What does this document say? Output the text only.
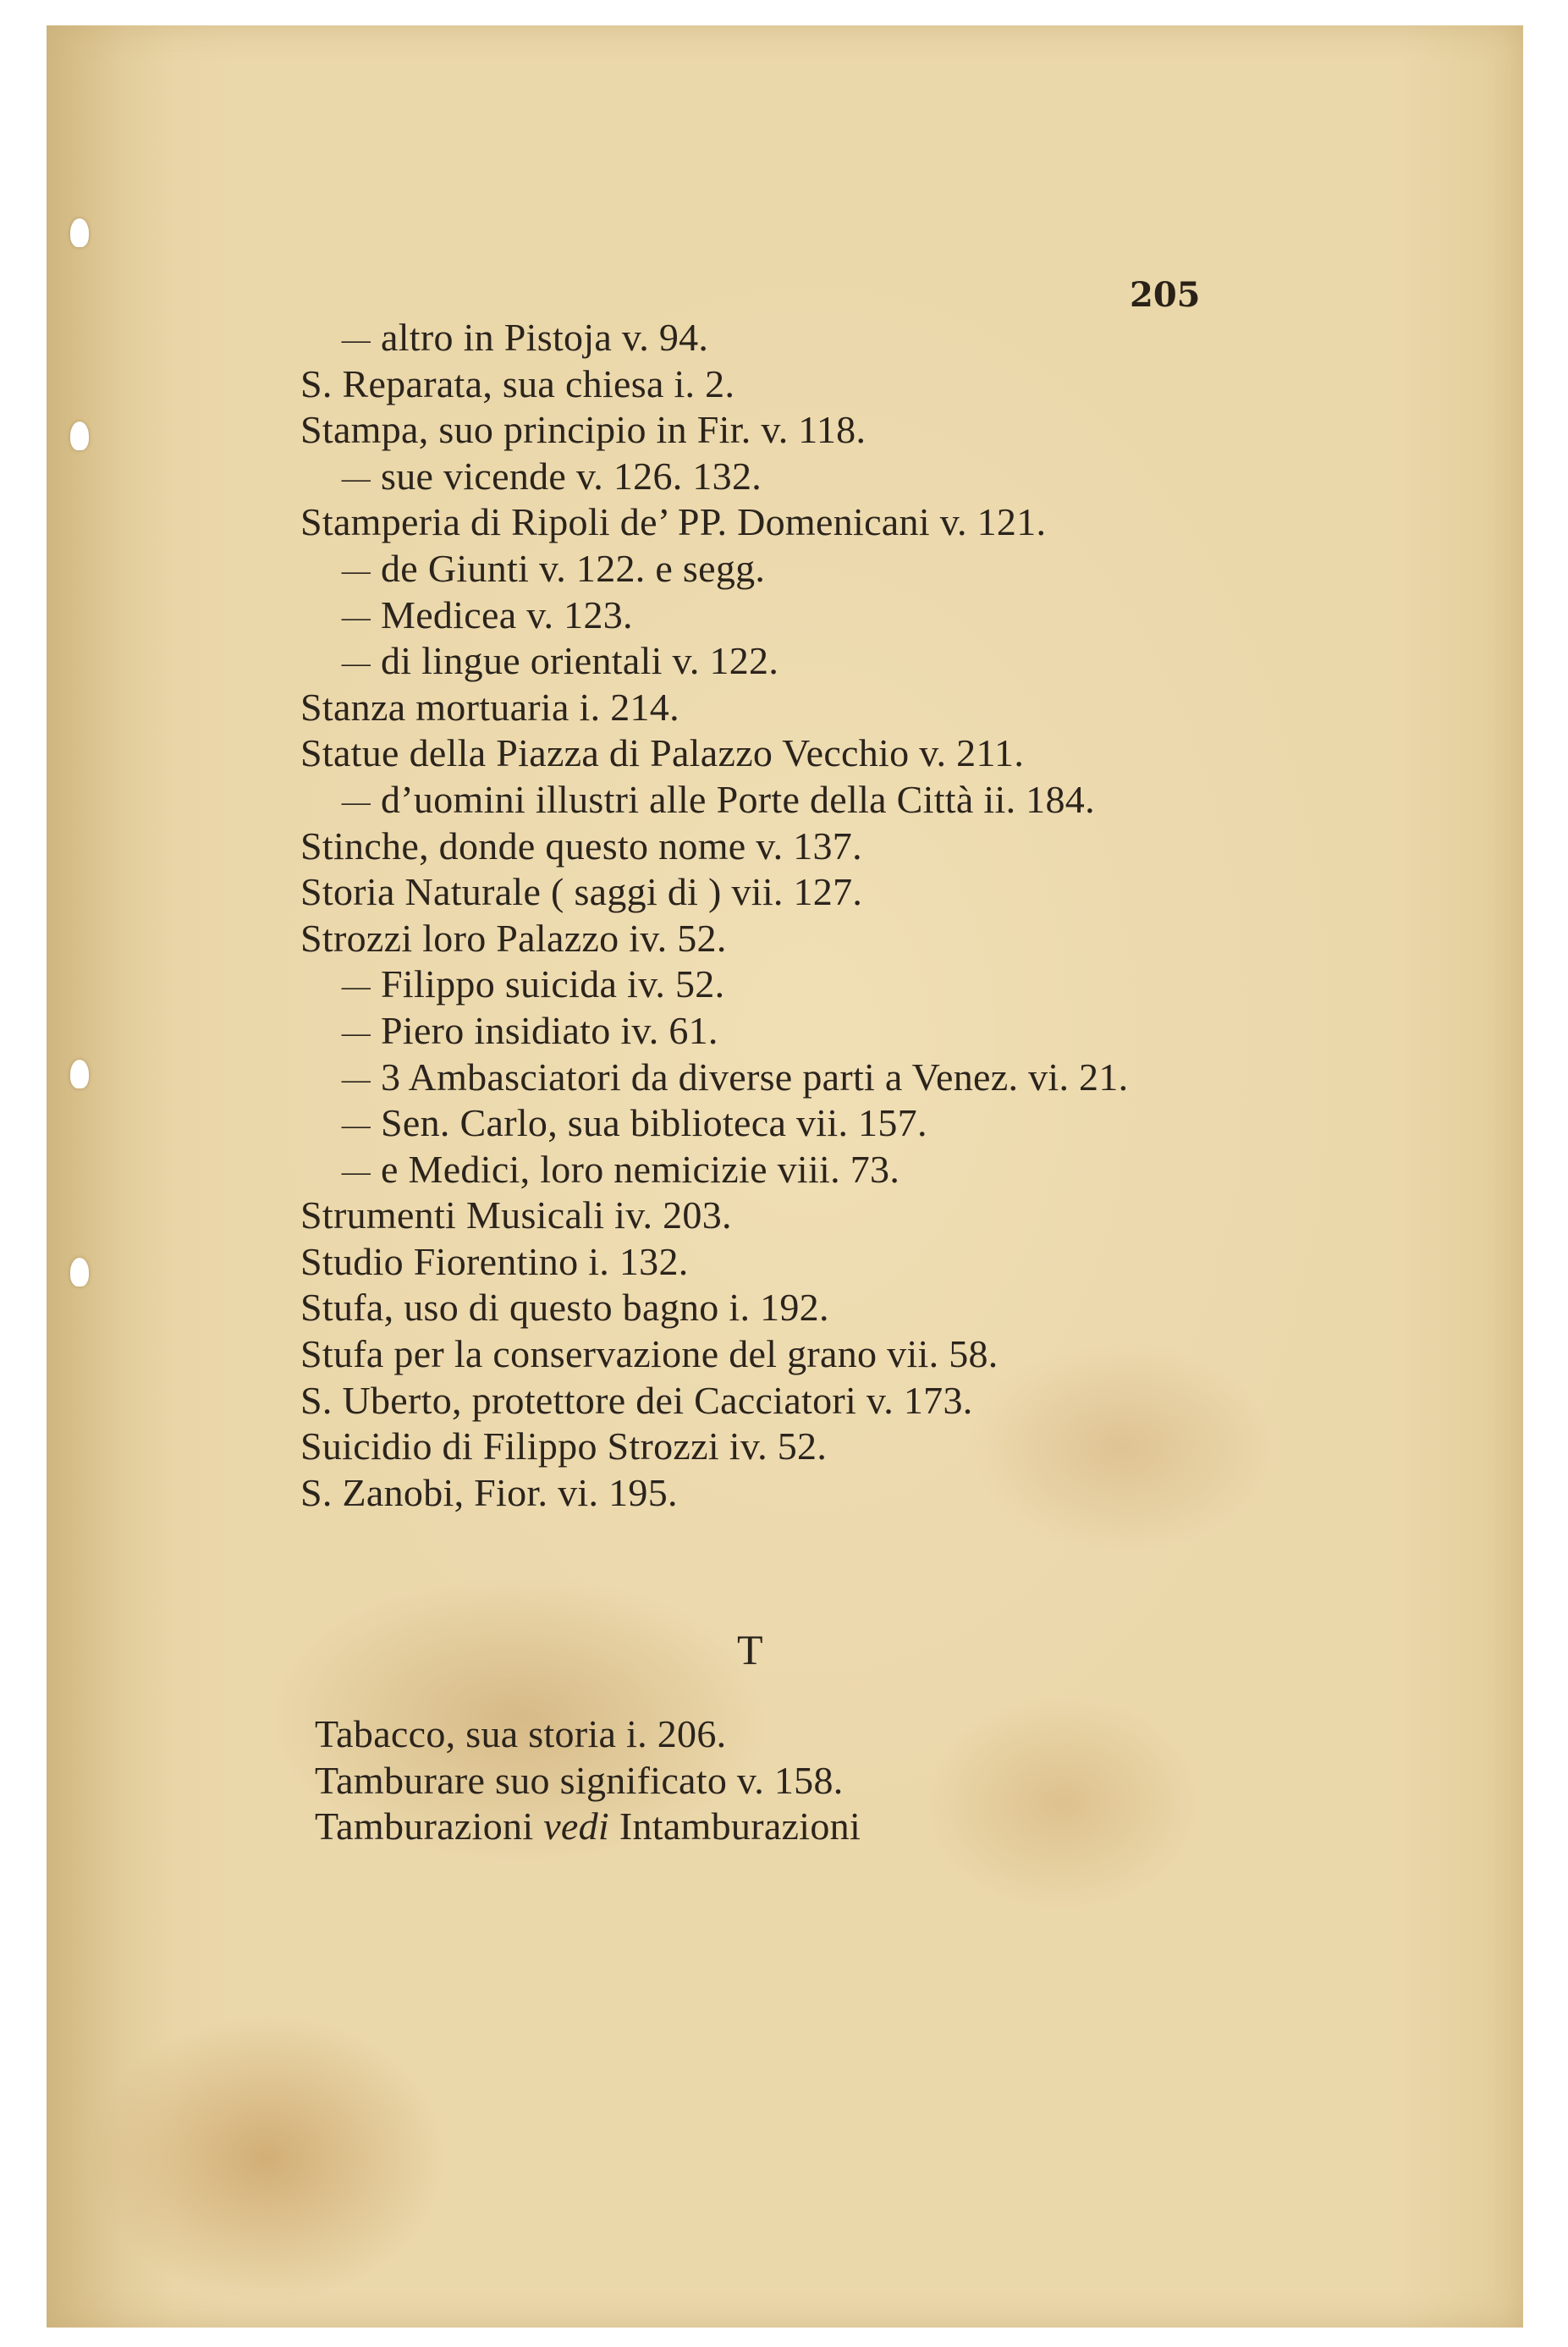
205
— altro in Pistoja v. 94.
S. Reparata, sua chiesa i. 2.
Stampa, suo principio in Fir. v. 118.
— sue vicende v. 126. 132.
Stamperia di Ripoli de’ PP. Domenicani v. 121.
— de Giunti v. 122. e segg.
— Medicea v. 123.
— di lingue orientali v. 122.
Stanza mortuaria i. 214.
Statue della Piazza di Palazzo Vecchio v. 211.
— d’uomini illustri alle Porte della Città ii. 184.
Stinche, donde questo nome v. 137.
Storia Naturale ( saggi di ) vii. 127.
Strozzi loro Palazzo iv. 52.
— Filippo suicida iv. 52.
— Piero insidiato iv. 61.
— 3 Ambasciatori da diverse parti a Venez. vi. 21.
— Sen. Carlo, sua biblioteca vii. 157.
— e Medici, loro nemicizie viii. 73.
Strumenti Musicali iv. 203.
Studio Fiorentino i. 132.
Stufa, uso di questo bagno i. 192.
Stufa per la conservazione del grano vii. 58.
S. Uberto, protettore dei Cacciatori v. 173.
Suicidio di Filippo Strozzi iv. 52.
S. Zanobi, Fior. vi. 195.
T
Tabacco, sua storia i. 206.
Tamburare suo significato v. 158.
Tamburazioni vedi Intamburazioni
